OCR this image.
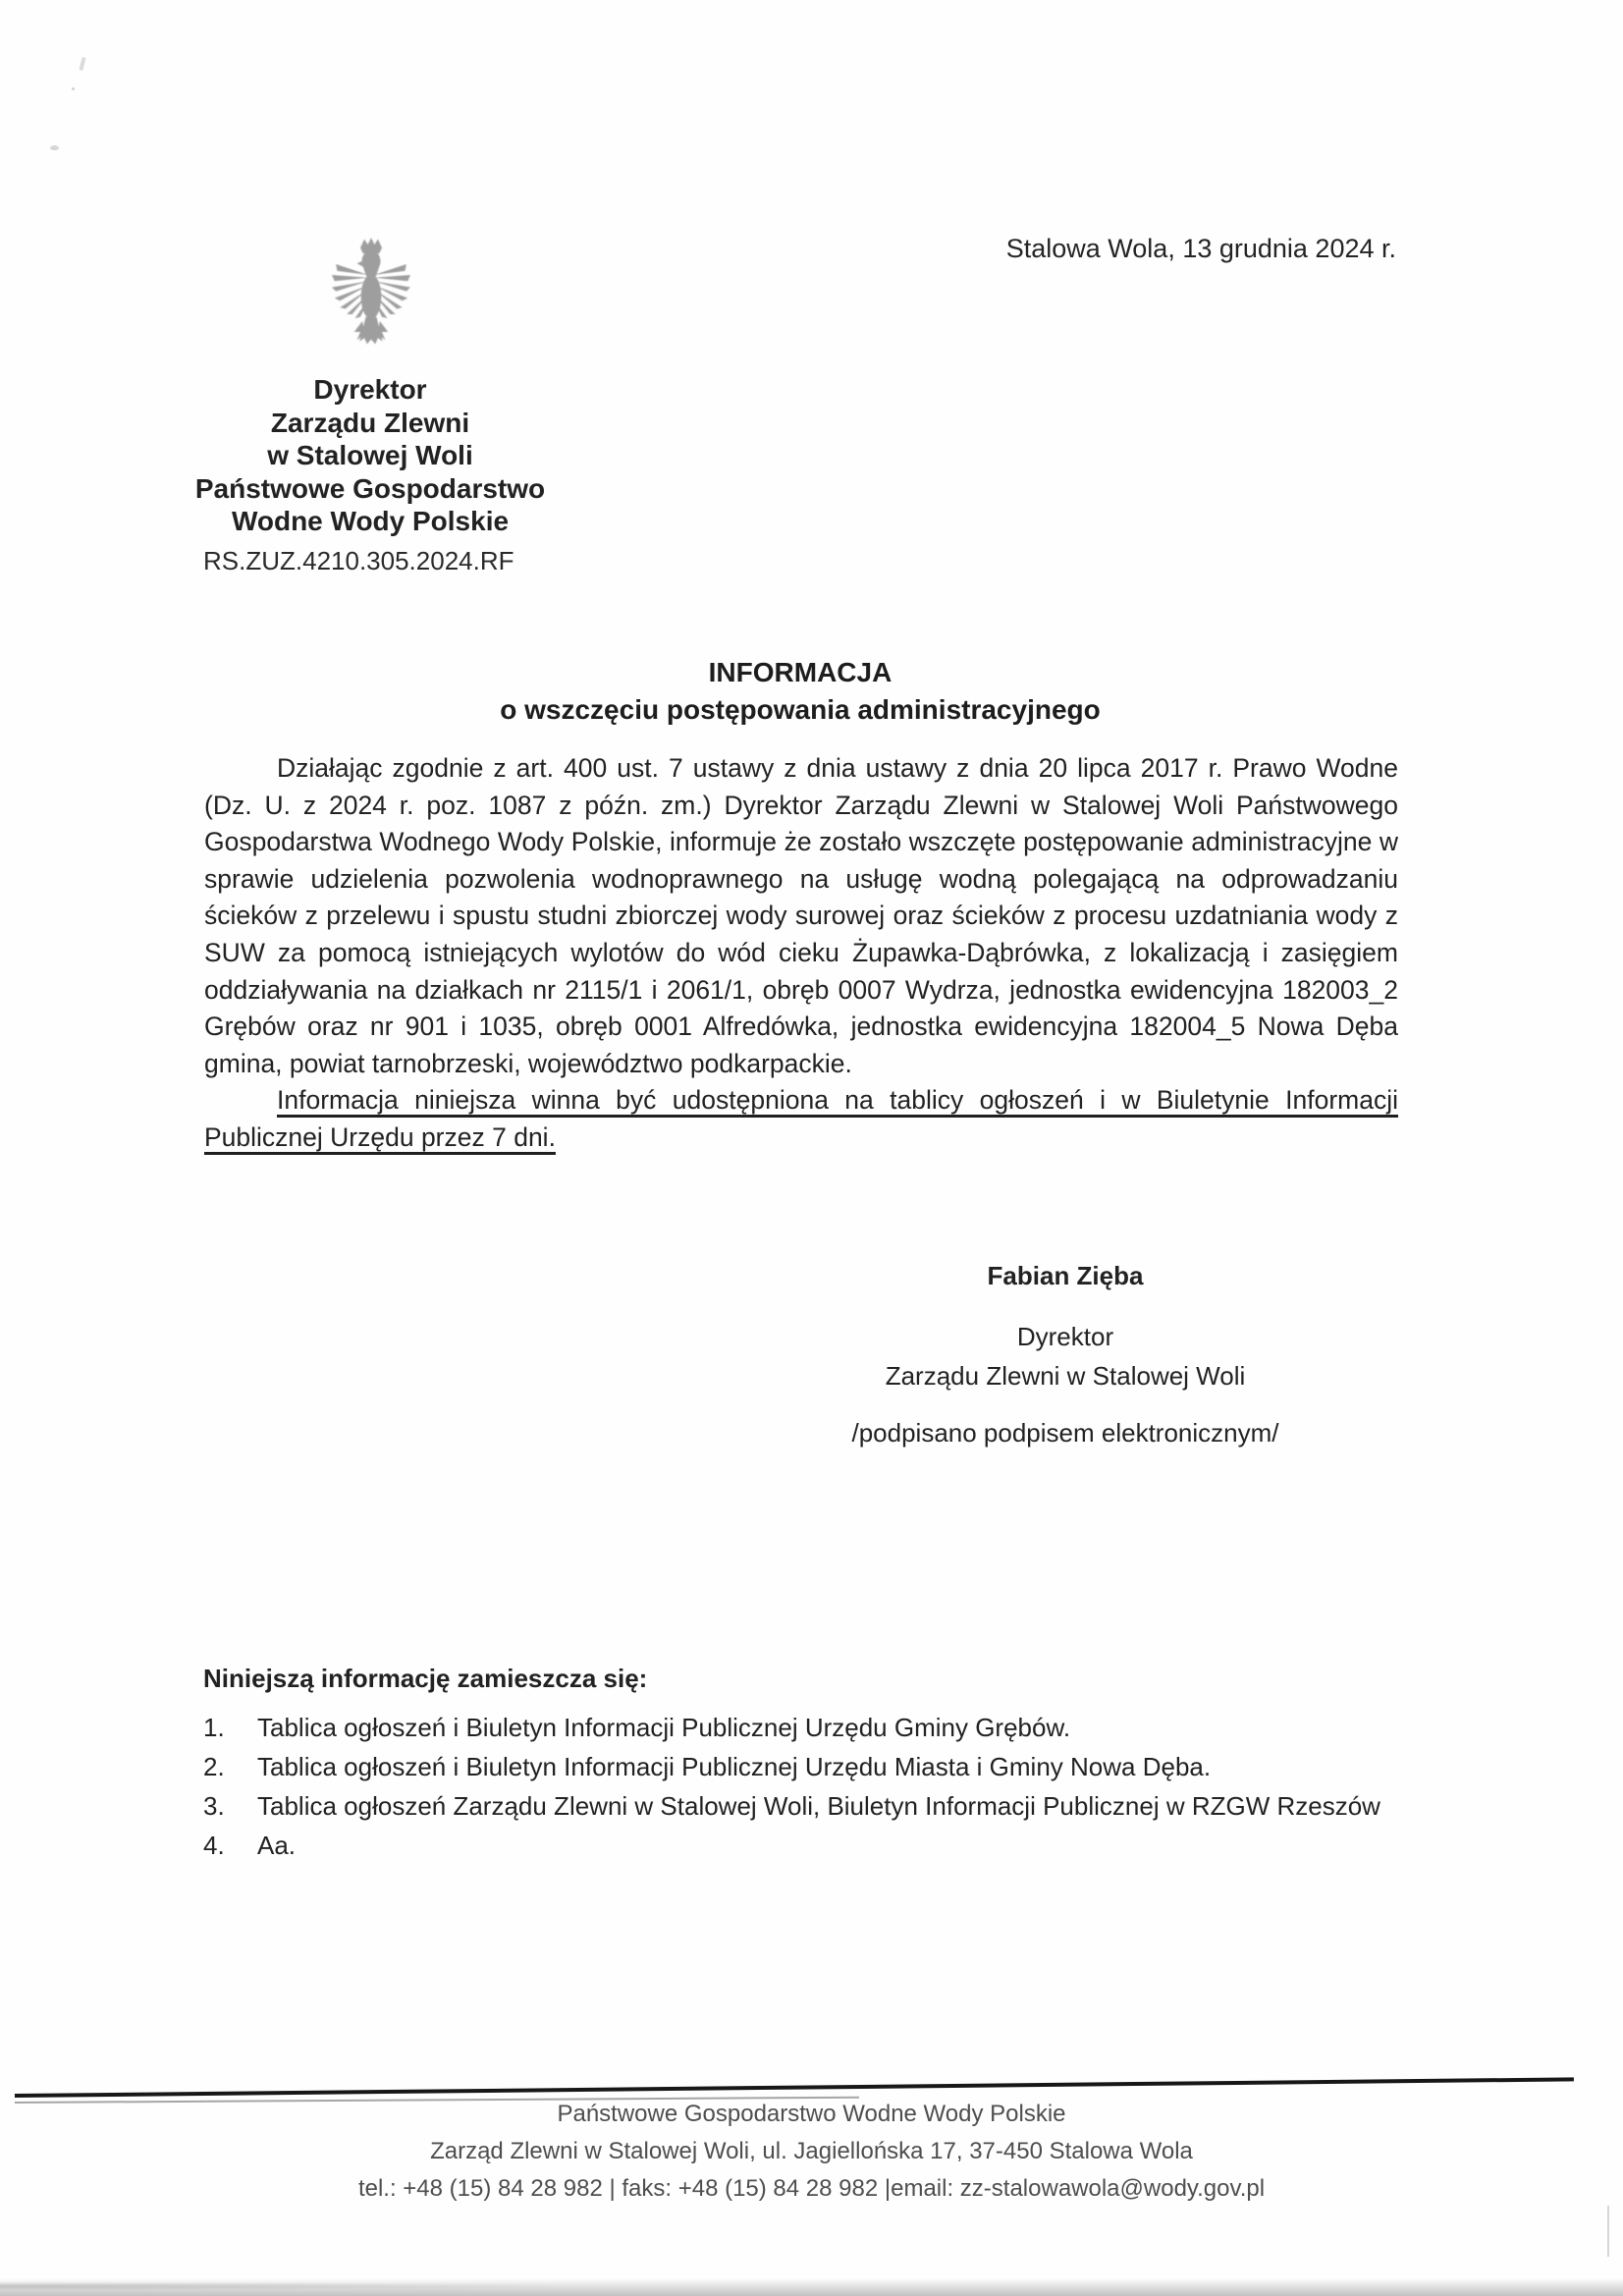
Stalowa Wola, 13 grudnia 2024 r.
Dyrektor
Zarządu Zlewni
w Stalowej Woli
Państwowe Gospodarstwo
Wodne Wody Polskie
RS.ZUZ.4210.305.2024.RF
INFORMACJA
o wszczęciu postępowania administracyjnego

Działając zgodnie z art. 400 ust. 7 ustawy z dnia ustawy z dnia 20 lipca 2017 r. Prawo Wodne (Dz. U. z 2024 r. poz. 1087 z późn. zm.) Dyrektor Zarządu Zlewni w Stalowej Woli Państwowego Gospodarstwa Wodnego Wody Polskie, informuje że zostało wszczęte postępowanie administracyjne w sprawie udzielenia pozwolenia wodnoprawnego na usługę wodną polegającą na odprowadzaniu ścieków z przelewu i spustu studni zbiorczej wody surowej oraz ścieków z procesu uzdatniania wody z SUW za pomocą istniejących wylotów do wód cieku Żupawka-Dąbrówka, z lokalizacją i zasięgiem oddziaływania na działkach nr 2115/1 i 2061/1, obręb 0007 Wydrza, jednostka ewidencyjna 182003_2 Grębów oraz nr 901 i 1035, obręb 0001 Alfredówka, jednostka ewidencyjna 182004_5 Nowa Dęba gmina, powiat tarnobrzeski, województwo podkarpackie.

Informacja niniejsza winna być udostępniona na tablicy ogłoszeń i w Biuletynie Informacji Publicznej Urzędu przez 7 dni.

Fabian Zięba
Dyrektor
Zarządu Zlewni w Stalowej Woli
/podpisano podpisem elektronicznym/
Niniejszą informację zamieszcza się:
1.	Tablica ogłoszeń i Biuletyn Informacji Publicznej Urzędu Gminy Grębów.
2.	Tablica ogłoszeń i Biuletyn Informacji Publicznej Urzędu Miasta i Gminy Nowa Dęba.
3.	Tablica ogłoszeń Zarządu Zlewni w Stalowej Woli, Biuletyn Informacji Publicznej w RZGW Rzeszów
4.	Aa.
Państwowe Gospodarstwo Wodne Wody Polskie
Zarząd Zlewni w Stalowej Woli, ul. Jagiellońska 17, 37-450 Stalowa Wola
tel.: +48 (15) 84 28 982 | faks: +48 (15) 84 28 982 |email: zz-stalowawola@wody.gov.pl
